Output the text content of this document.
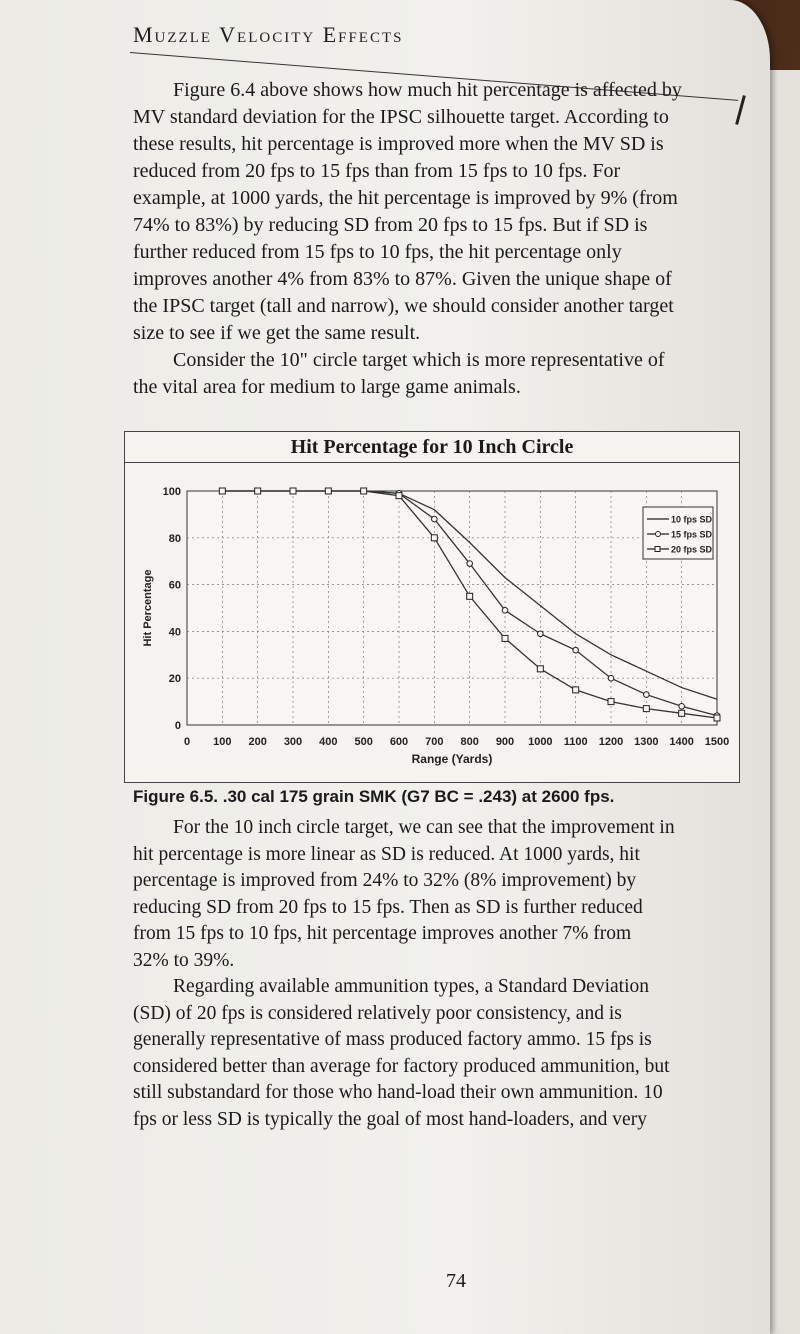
Muzzle Velocity Effects
Figure 6.4 above shows how much hit percentage is affected by
MV standard deviation for the IPSC silhouette target. According to
these results, hit percentage is improved more when the MV SD is
reduced from 20 fps to 15 fps than from 15 fps to 10 fps. For
example, at 1000 yards, the hit percentage is improved by 9% (from
74% to 83%) by reducing SD from 20 fps to 15 fps. But if SD is
further reduced from 15 fps to 10 fps, the hit percentage only
improves another 4% from 83% to 87%. Given the unique shape of
the IPSC target (tall and narrow), we should consider another target
size to see if we get the same result.
Consider the 10" circle target which is more representative of
the vital area for medium to large game animals.
Hit Percentage for 10 Inch Circle
0 100 200 300 400 500 600 700 800 900 1000 1100 1200 1300 1400 1500
0
20
40
60
80
100
Range (Yards)
Hit Percentage
10 fps SD
15 fps SD
20 fps SD
Figure 6.5. .30 cal 175 grain SMK (G7 BC = .243) at 2600 fps.
For the 10 inch circle target, we can see that the improvement in
hit percentage is more linear as SD is reduced. At 1000 yards, hit
percentage is improved from 24% to 32% (8% improvement) by
reducing SD from 20 fps to 15 fps. Then as SD is further reduced
from 15 fps to 10 fps, hit percentage improves another 7% from
32% to 39%.
Regarding available ammunition types, a Standard Deviation
(SD) of 20 fps is considered relatively poor consistency, and is
generally representative of mass produced factory ammo. 15 fps is
considered better than average for factory produced ammunition, but
still substandard for those who hand-load their own ammunition. 10
fps or less SD is typically the goal of most hand-loaders, and very
74
